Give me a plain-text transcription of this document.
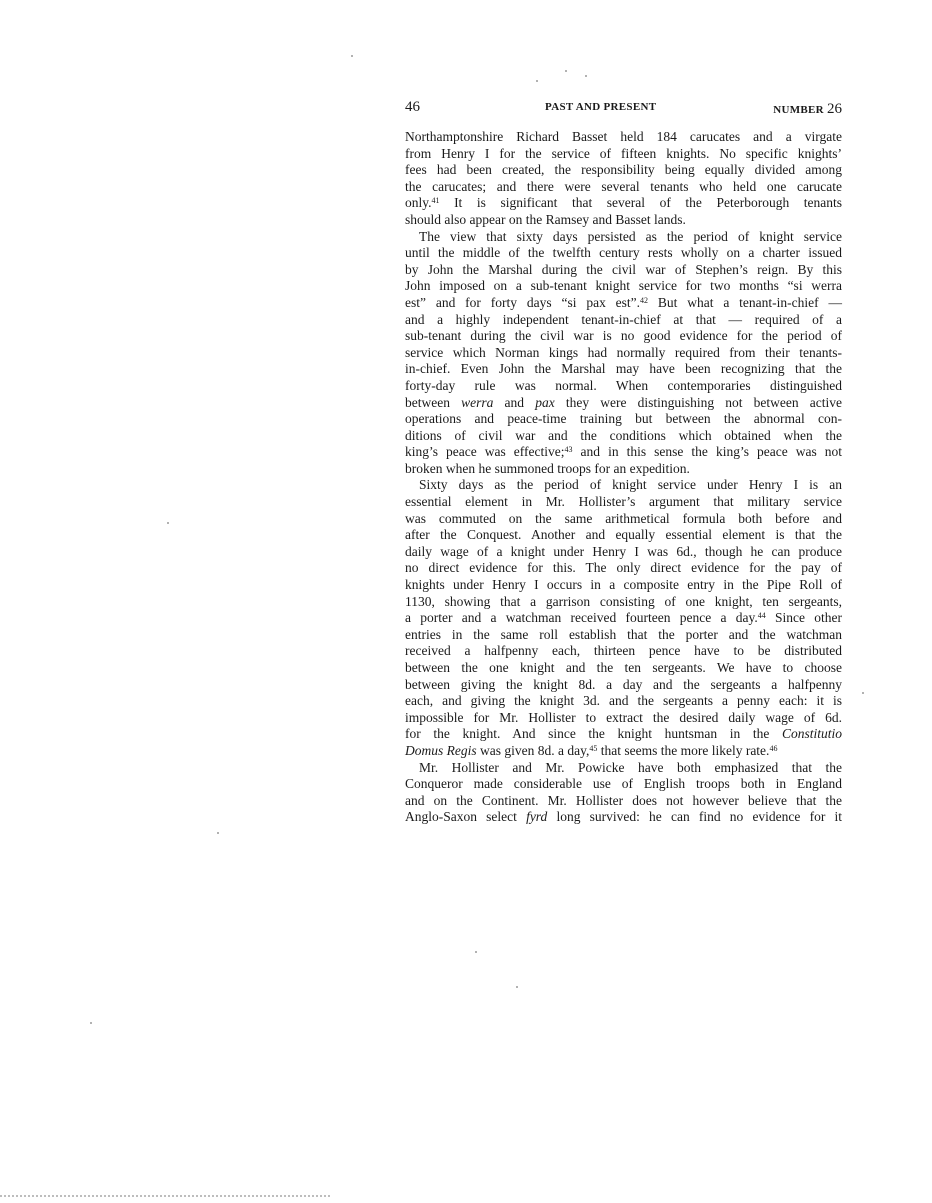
46	PAST AND PRESENT	NUMBER 26

Northamptonshire Richard Basset held 184 carucates and a virgate
from Henry I for the service of fifteen knights. No specific knights’
fees had been created, the responsibility being equally divided among
the carucates; and there were several tenants who held one carucate
only.$^{41}$ It is significant that several of the Peterborough tenants
should also appear on the Ramsey and Basset lands.

The view that sixty days persisted as the period of knight service
until the middle of the twelfth century rests wholly on a charter issued
by John the Marshal during the civil war of Stephen’s reign. By this
John imposed on a sub-tenant knight service for two months “si werra
est” and for forty days “si pax est”.$^{42}$ But what a tenant-in-chief —
and a highly independent tenant-in-chief at that — required of a
sub-tenant during the civil war is no good evidence for the period of
service which Norman kings had normally required from their tenants-
in-chief. Even John the Marshal may have been recognizing that the
forty-day rule was normal. When contemporaries distinguished
between werra and pax they were distinguishing not between active
operations and peace-time training but between the abnormal con-
ditions of civil war and the conditions which obtained when the
king’s peace was effective;$^{43}$ and in this sense the king’s peace was not
broken when he summoned troops for an expedition.

Sixty days as the period of knight service under Henry I is an
essential element in Mr. Hollister’s argument that military service
was commuted on the same arithmetical formula both before and
after the Conquest. Another and equally essential element is that the
daily wage of a knight under Henry I was 6d., though he can produce
no direct evidence for this. The only direct evidence for the pay of
knights under Henry I occurs in a composite entry in the Pipe Roll of
1130, showing that a garrison consisting of one knight, ten sergeants,
a porter and a watchman received fourteen pence a day.$^{44}$ Since other
entries in the same roll establish that the porter and the watchman
received a halfpenny each, thirteen pence have to be distributed
between the one knight and the ten sergeants. We have to choose
between giving the knight 8d. a day and the sergeants a halfpenny
each, and giving the knight 3d. and the sergeants a penny each: it is
impossible for Mr. Hollister to extract the desired daily wage of 6d.
for the knight. And since the knight huntsman in the Constitutio
Domus Regis was given 8d. a day,$^{45}$ that seems the more likely rate.$^{46}$

Mr. Hollister and Mr. Powicke have both emphasized that the
Conqueror made considerable use of English troops both in England
and on the Continent. Mr. Hollister does not however believe that the
Anglo-Saxon select fyrd long survived: he can find no evidence for it
